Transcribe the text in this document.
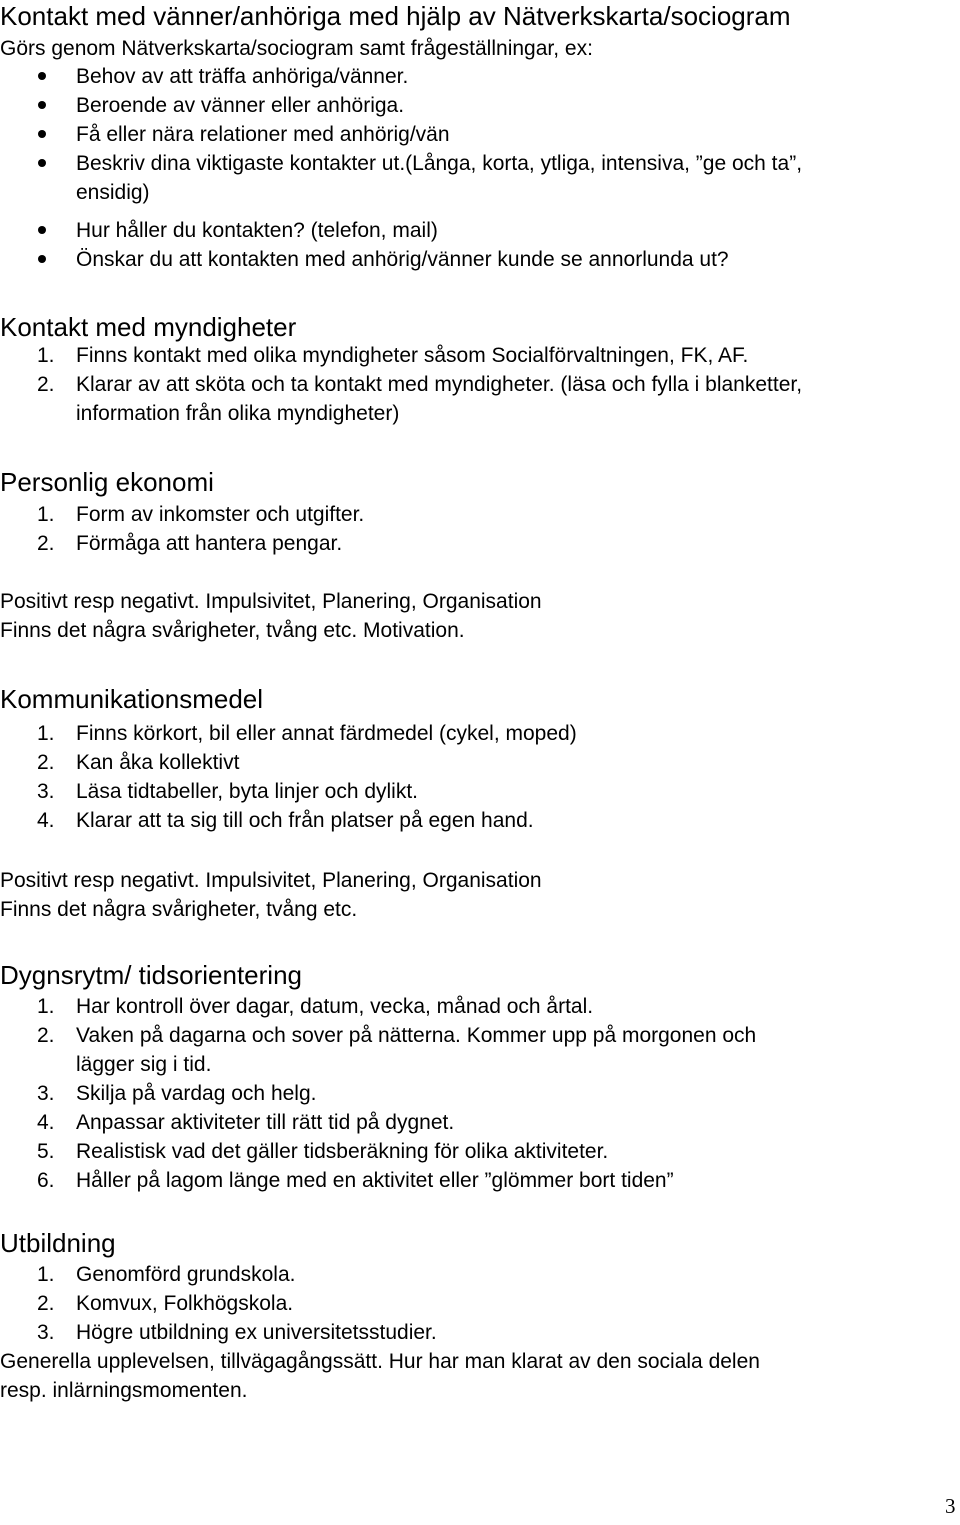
Kontakt med vänner/anhöriga med hjälp av Nätverkskarta/sociogram
Görs genom Nätverkskarta/sociogram samt frågeställningar, ex:
Behov av att träffa anhöriga/vänner.
Beroende av vänner eller anhöriga.
Få eller nära relationer med anhörig/vän
Beskriv dina viktigaste kontakter ut.(Långa, korta, ytliga, intensiva, ”ge och ta”,
ensidig)
Hur håller du kontakten? (telefon, mail)
Önskar du att kontakten med anhörig/vänner kunde se annorlunda ut?
Kontakt med myndigheter
1. Finns kontakt med olika myndigheter såsom Socialförvaltningen, FK, AF.
2. Klarar av att sköta och ta kontakt med myndigheter. (läsa och fylla i blanketter,
information från olika myndigheter)
Personlig ekonomi
1. Form av inkomster och utgifter.
2. Förmåga att hantera pengar.
Positivt resp negativt. Impulsivitet, Planering, Organisation
Finns det några svårigheter, tvång etc. Motivation.
Kommunikationsmedel
1. Finns körkort, bil eller annat färdmedel (cykel, moped)
2. Kan åka kollektivt
3. Läsa tidtabeller, byta linjer och dylikt.
4. Klarar att ta sig till och från platser på egen hand.
Positivt resp negativt. Impulsivitet, Planering, Organisation
Finns det några svårigheter, tvång etc.
Dygnsrytm/ tidsorientering
1. Har kontroll över dagar, datum, vecka, månad och årtal.
2. Vaken på dagarna och sover på nätterna. Kommer upp på morgonen och
lägger sig i tid.
3. Skilja på vardag och helg.
4. Anpassar aktiviteter till rätt tid på dygnet.
5. Realistisk vad det gäller tidsberäkning för olika aktiviteter.
6. Håller på lagom länge med en aktivitet eller ”glömmer bort tiden”
Utbildning
1. Genomförd grundskola.
2. Komvux, Folkhögskola.
3. Högre utbildning ex universitetsstudier.
Generella upplevelsen, tillvägagångssätt. Hur har man klarat av den sociala delen
resp. inlärningsmomenten.
3
